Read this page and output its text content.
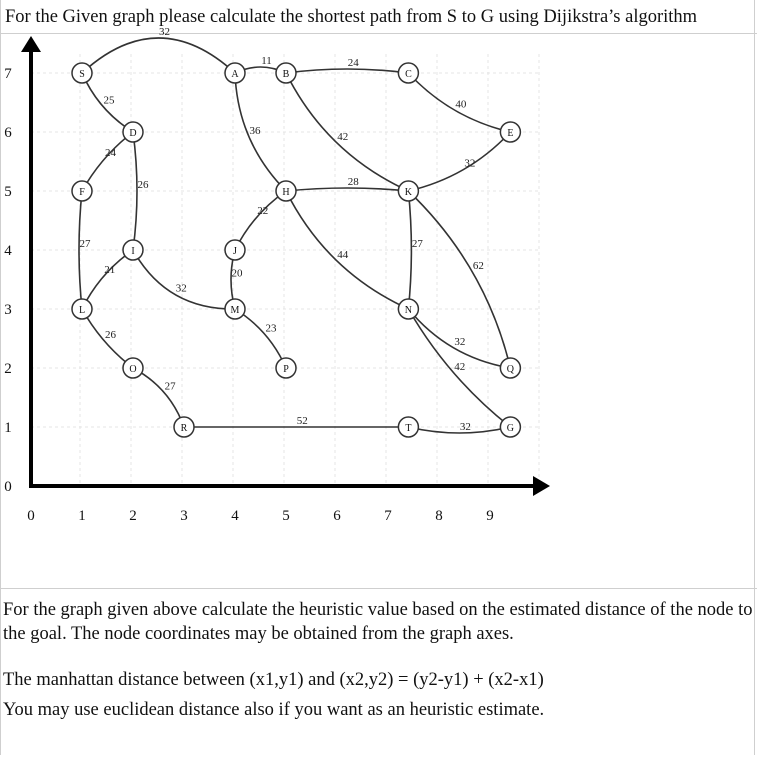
For the Given graph please calculate the shortest path from S to G using Dijikstra’s algorithm
0	1	2	3	4	5	6	7	8	9
0
1
2
3
4
5
6
7
25
32
11
36
24
42
40
32
24
26
27
21
32
26
27
22
28
44
20
23
27
62
32
42
52	32
S	A	B	C
D	E
F	H	K
I	J
L	M	N
O	P	Q
R	T	G

For the graph given above calculate the heuristic value based on the estimated distance of the node to the goal. The node coordinates may be obtained from the graph axes.

The manhattan distance between (x1,y1) and (x2,y2) = (y2-y1) + (x2-x1)

You may use euclidean distance also if you want as an heuristic estimate.
